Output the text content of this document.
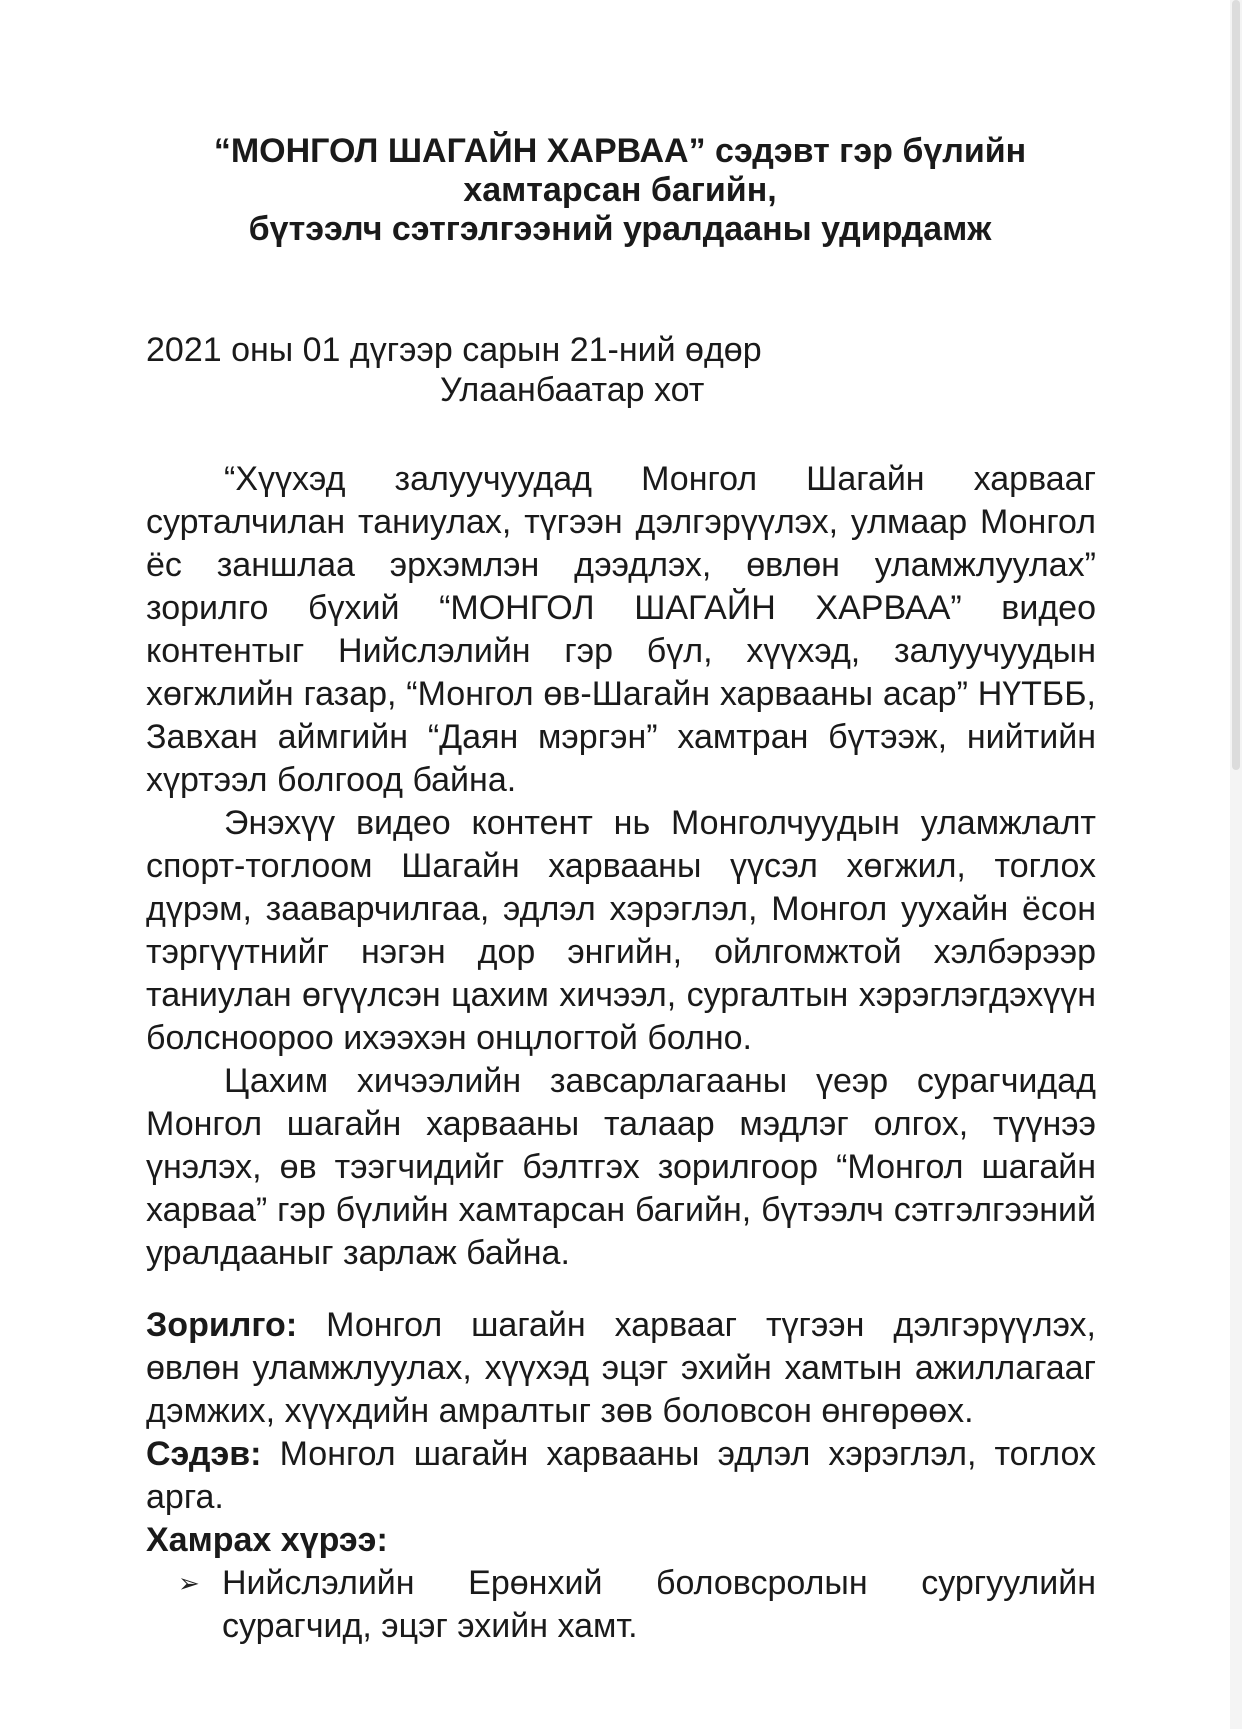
“МОНГОЛ ШАГАЙН ХАРВАА” сэдэвт гэр бүлийн
хамтарсан багийн,
бүтээлч сэтгэлгээний уралдааны удирдамж
2021 оны 01 дүгээр сарын 21-ний өдөр
Улаанбаатар хот

“Хүүхэд залуучуудад Монгол Шагайн харвааг сурталчилан таниулах, түгээн дэлгэрүүлэх, улмаар Монгол ёс заншлаа эрхэмлэн дээдлэх, өвлөн уламжлуулах” зорилго бүхий “МОНГОЛ ШАГАЙН ХАРВАА” видео контентыг Нийслэлийн гэр бүл, хүүхэд, залуучуудын хөгжлийн газар, “Монгол өв-Шагайн харвааны асар” НҮТББ, Завхан аймгийн “Даян мэргэн” хамтран бүтээж, нийтийн хүртээл болгоод байна.

Энэхүү видео контент нь Монголчуудын уламжлалт спорт-тоглоом Шагайн харвааны үүсэл хөгжил, тоглох дүрэм, зааварчилгаа, эдлэл хэрэглэл, Монгол уухайн ёсон тэргүүтнийг нэгэн дор энгийн, ойлгомжтой хэлбэрээр таниулан өгүүлсэн цахим хичээл, сургалтын хэрэглэгдэхүүн болсноороо ихээхэн онцлогтой болно.

Цахим хичээлийн завсарлагааны үеэр сурагчидад Монгол шагайн харвааны талаар мэдлэг олгох, түүнээ үнэлэх, өв тээгчидийг бэлтгэх зорилгоор “Монгол шагайн харваа” гэр бүлийн хамтарсан багийн, бүтээлч сэтгэлгээний уралдааныг зарлаж байна.

Зорилго: Монгол шагайн харвааг түгээн дэлгэрүүлэх, өвлөн уламжлуулах, хүүхэд эцэг эхийн хамтын ажиллагааг дэмжих, хүүхдийн амралтыг зөв боловсон өнгөрөөх.

Сэдэв: Монгол шагайн харвааны эдлэл хэрэглэл, тоглох арга.

Хамрах хүрээ:

➢ Нийслэлийн Ерөнхий боловсролын сургуулийн сурагчид, эцэг эхийн хамт.
